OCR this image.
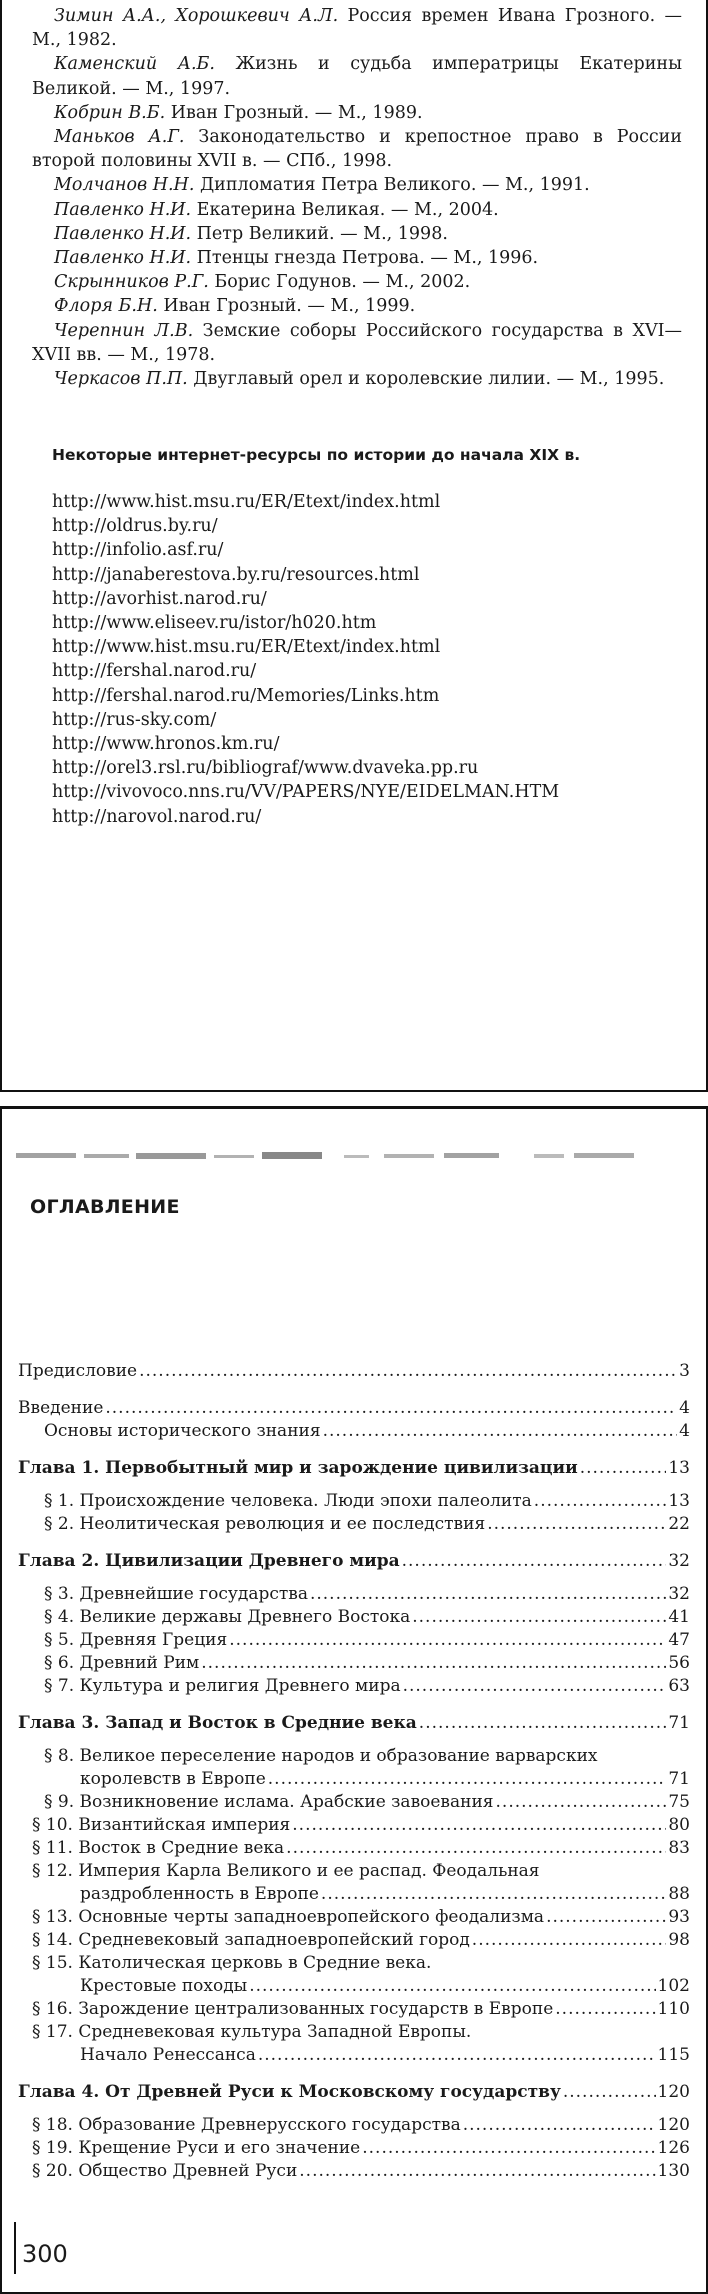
Зимин А.А., Хорошкевич А.Л. Россия времен Ивана Грозного. — М., 1982.

Каменский А.Б. Жизнь и судьба императрицы Екатерины Великой. — М., 1997.

Кобрин В.Б. Иван Грозный. — М., 1989.

Маньков А.Г. Законодательство и крепостное право в России второй половины XVII в. — СПб., 1998.

Молчанов Н.Н. Дипломатия Петра Великого. — М., 1991.

Павленко Н.И. Екатерина Великая. — М., 2004.

Павленко Н.И. Петр Великий. — М., 1998.

Павленко Н.И. Птенцы гнезда Петрова. — М., 1996.

Скрынников Р.Г. Борис Годунов. — М., 2002.

Флоря Б.Н. Иван Грозный. — М., 1999.

Черепнин Л.В. Земские соборы Российского государства в XVI—XVII вв. — М., 1978.

Черкасов П.П. Двуглавый орел и королевские лилии. — М., 1995.

Некоторые интернет-ресурсы по истории до начала XIX в.
http://www.hist.msu.ru/ER/Etext/index.html
http://oldrus.by.ru/
http://infolio.asf.ru/
http://janaberestova.by.ru/resources.html
http://avorhist.narod.ru/
http://www.eliseev.ru/istor/h020.htm
http://www.hist.msu.ru/ER/Etext/index.html
http://fershal.narod.ru/
http://fershal.narod.ru/Memories/Links.htm
http://rus-sky.com/
http://www.hronos.km.ru/
http://orel3.rsl.ru/bibliograf/www.dvaveka.pp.ru
http://vivovoco.nns.ru/VV/PAPERS/NYE/EIDELMAN.HTM
http://narovol.narod.ru/
ОГЛАВЛЕНИЕ
Предисловие .....	3
Введение .....	4
Основы исторического знания .....	4
Глава 1. Первобытный мир и зарождение цивилизации .....	13
§ 1. Происхождение человека. Люди эпохи палеолита .....	13
§ 2. Неолитическая революция и ее последствия .....	22
Глава 2. Цивилизации Древнего мира .....	32
§ 3. Древнейшие государства .....	32
§ 4. Великие державы Древнего Востока .....	41
§ 5. Древняя Греция .....	47
§ 6. Древний Рим .....	56
§ 7. Культура и религия Древнего мира .....	63
Глава 3. Запад и Восток в Средние века .....	71
§ 8. Великое переселение народов и образование варварских
королевств в Европе .....	71
§ 9. Возникновение ислама. Арабские завоевания .....	75
§ 10. Византийская империя .....	80
§ 11. Восток в Средние века .....	83
§ 12. Империя Карла Великого и ее распад. Феодальная
раздробленность в Европе .....	88
§ 13. Основные черты западноевропейского феодализма .....	93
§ 14. Средневековый западноевропейский город .....	98
§ 15. Католическая церковь в Средние века.
Крестовые походы .....	102
§ 16. Зарождение централизованных государств в Европе .....	110
§ 17. Средневековая культура Западной Европы.
Начало Ренессанса .....	115
Глава 4. От Древней Руси к Московскому государству .....	120
§ 18. Образование Древнерусского государства .....	120
§ 19. Крещение Руси и его значение .....	126
§ 20. Общество Древней Руси .....	130
300
